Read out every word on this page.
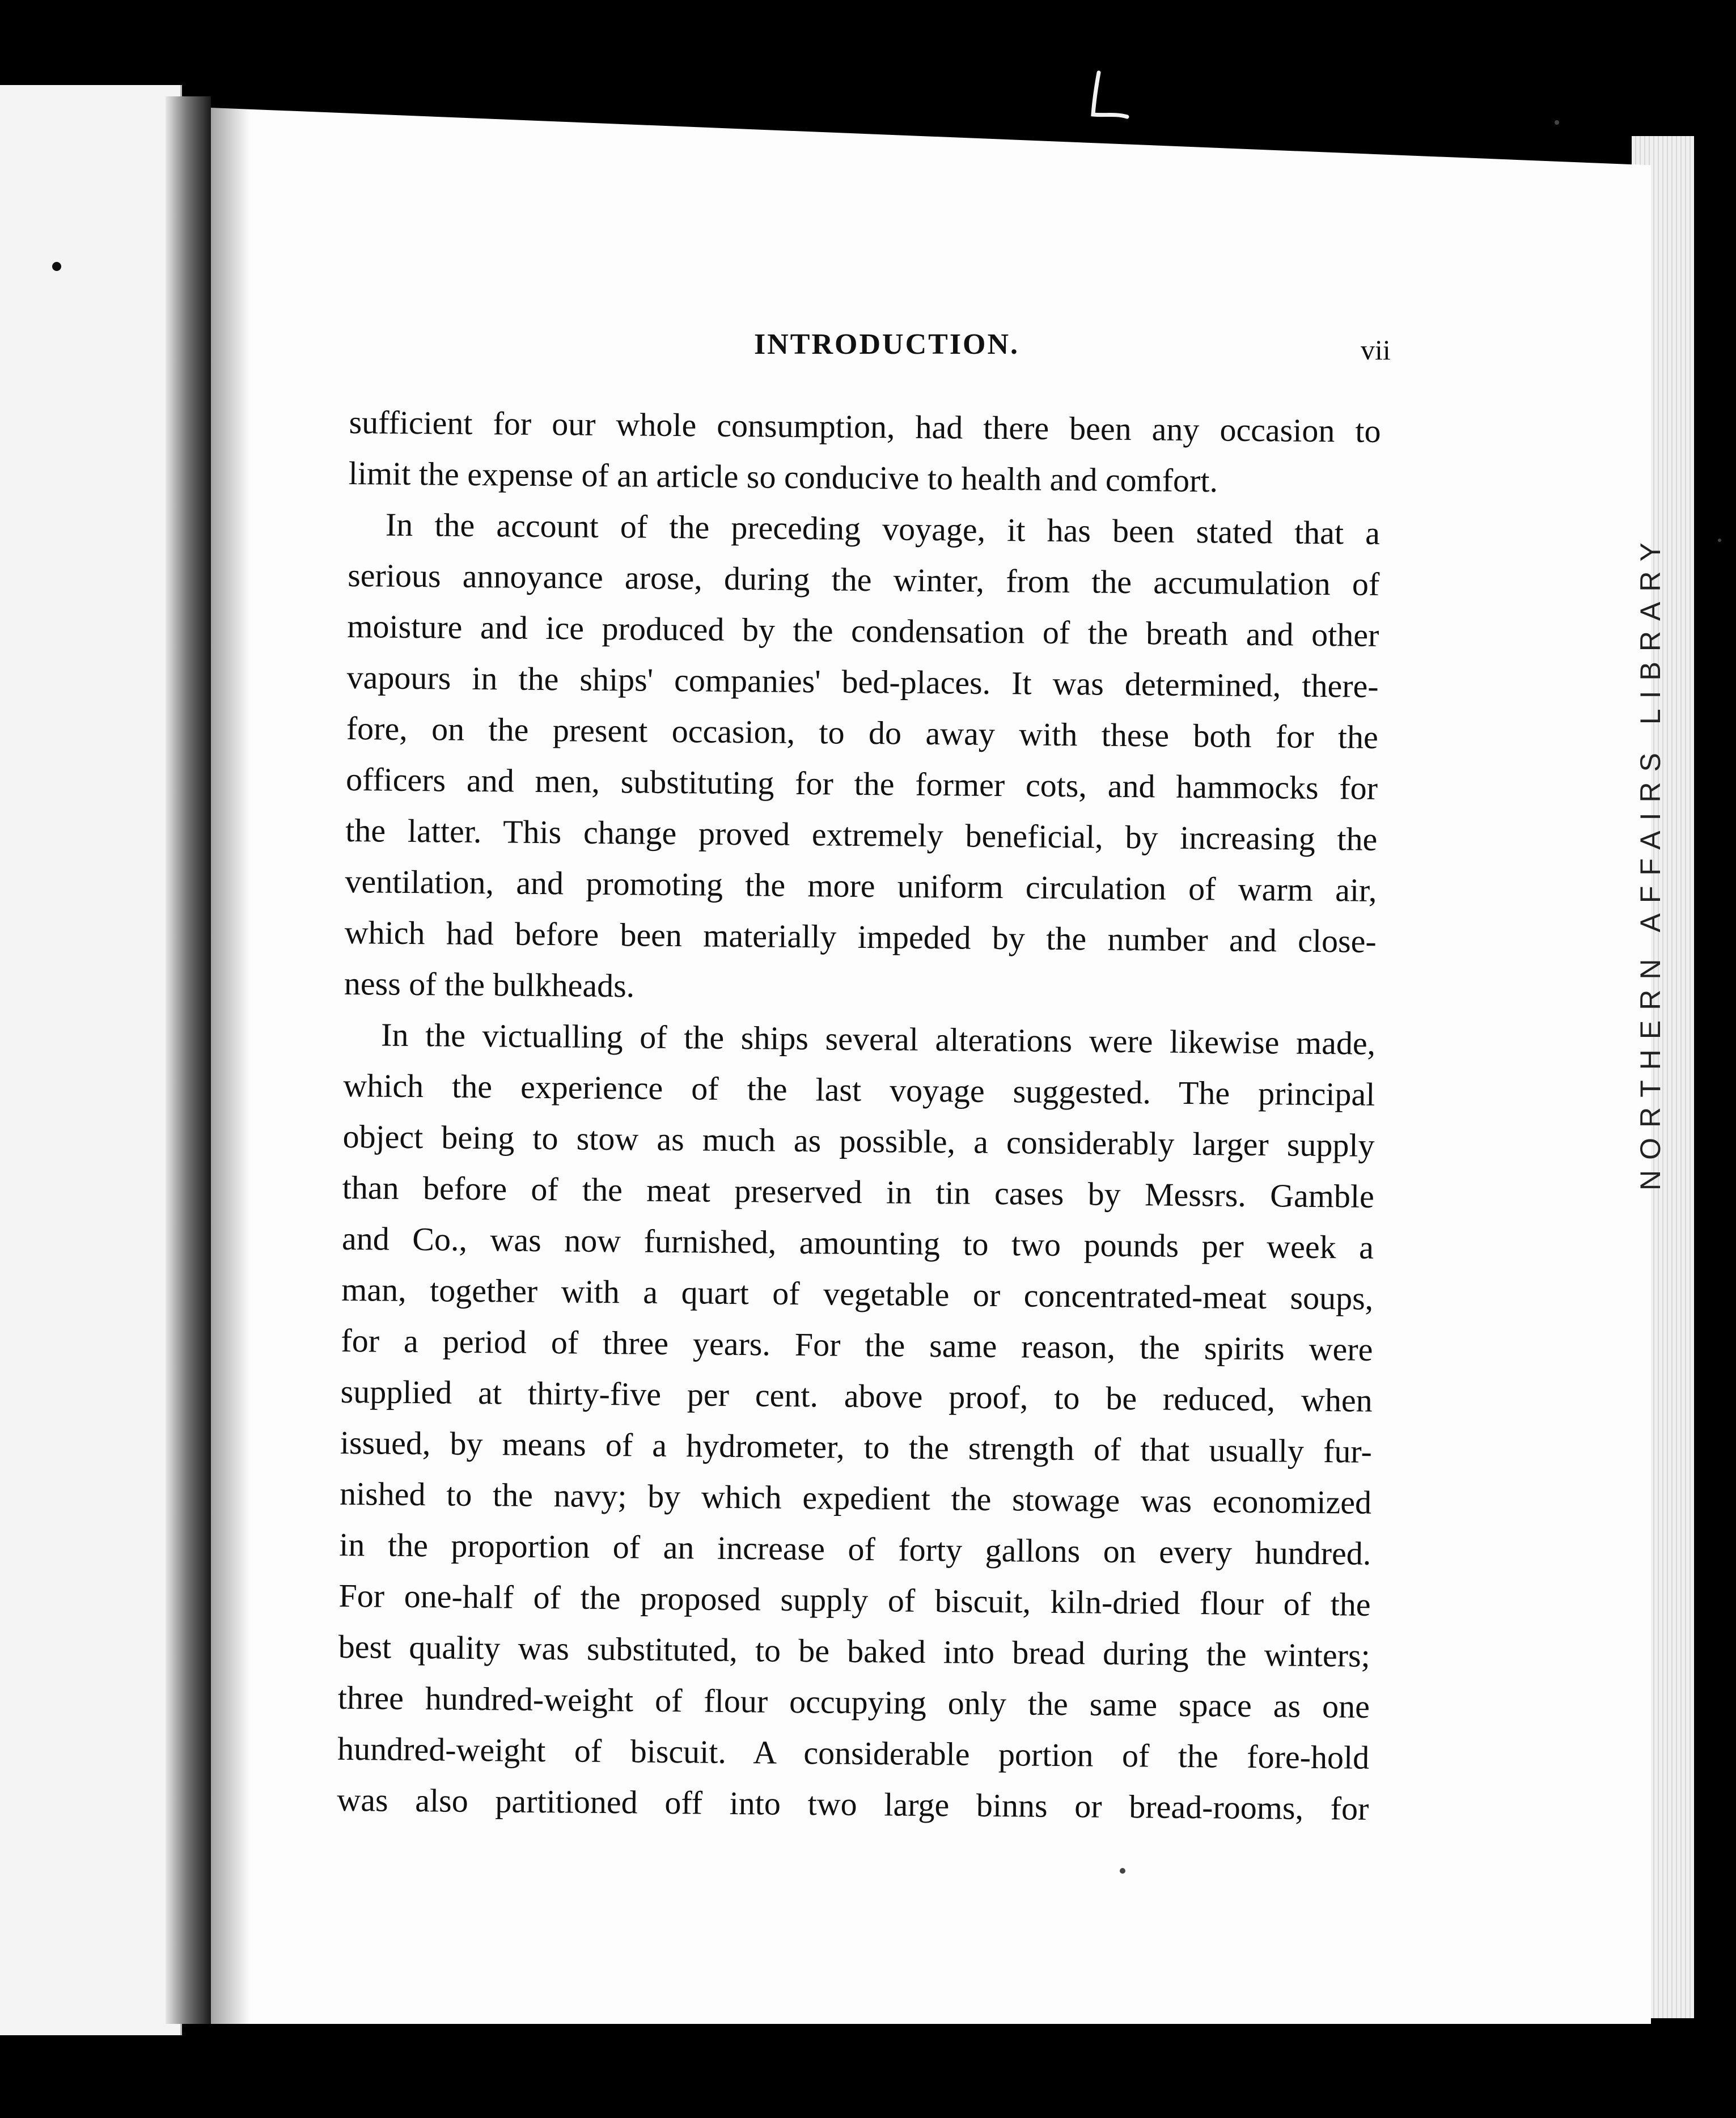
INTRODUCTION.	vii
sufficient for our whole consumption, had there been any occasion to
limit the expense of an article so conducive to health and comfort.
In the account of the preceding voyage, it has been stated that a
serious annoyance arose, during the winter, from the accumulation of
moisture and ice produced by the condensation of the breath and other
vapours in the ships' companies' bed-places. It was determined, there-
fore, on the present occasion, to do away with these both for the
officers and men, substituting for the former cots, and hammocks for
the latter. This change proved extremely beneficial, by increasing the
ventilation, and promoting the more uniform circulation of warm air,
which had before been materially impeded by the number and close-
ness of the bulkheads.
In the victualling of the ships several alterations were likewise made,
which the experience of the last voyage suggested. The principal
object being to stow as much as possible, a considerably larger supply
than before of the meat preserved in tin cases by Messrs. Gamble
and Co., was now furnished, amounting to two pounds per week a
man, together with a quart of vegetable or concentrated-meat soups,
for a period of three years. For the same reason, the spirits were
supplied at thirty-five per cent. above proof, to be reduced, when
issued, by means of a hydrometer, to the strength of that usually fur-
nished to the navy; by which expedient the stowage was economized
in the proportion of an increase of forty gallons on every hundred.
For one-half of the proposed supply of biscuit, kiln-dried flour of the
best quality was substituted, to be baked into bread during the winters;
three hundred-weight of flour occupying only the same space as one
hundred-weight of biscuit. A considerable portion of the fore-hold
was also partitioned off into two large binns or bread-rooms, for
NORTHERN AFFAIRS LIBRARY
